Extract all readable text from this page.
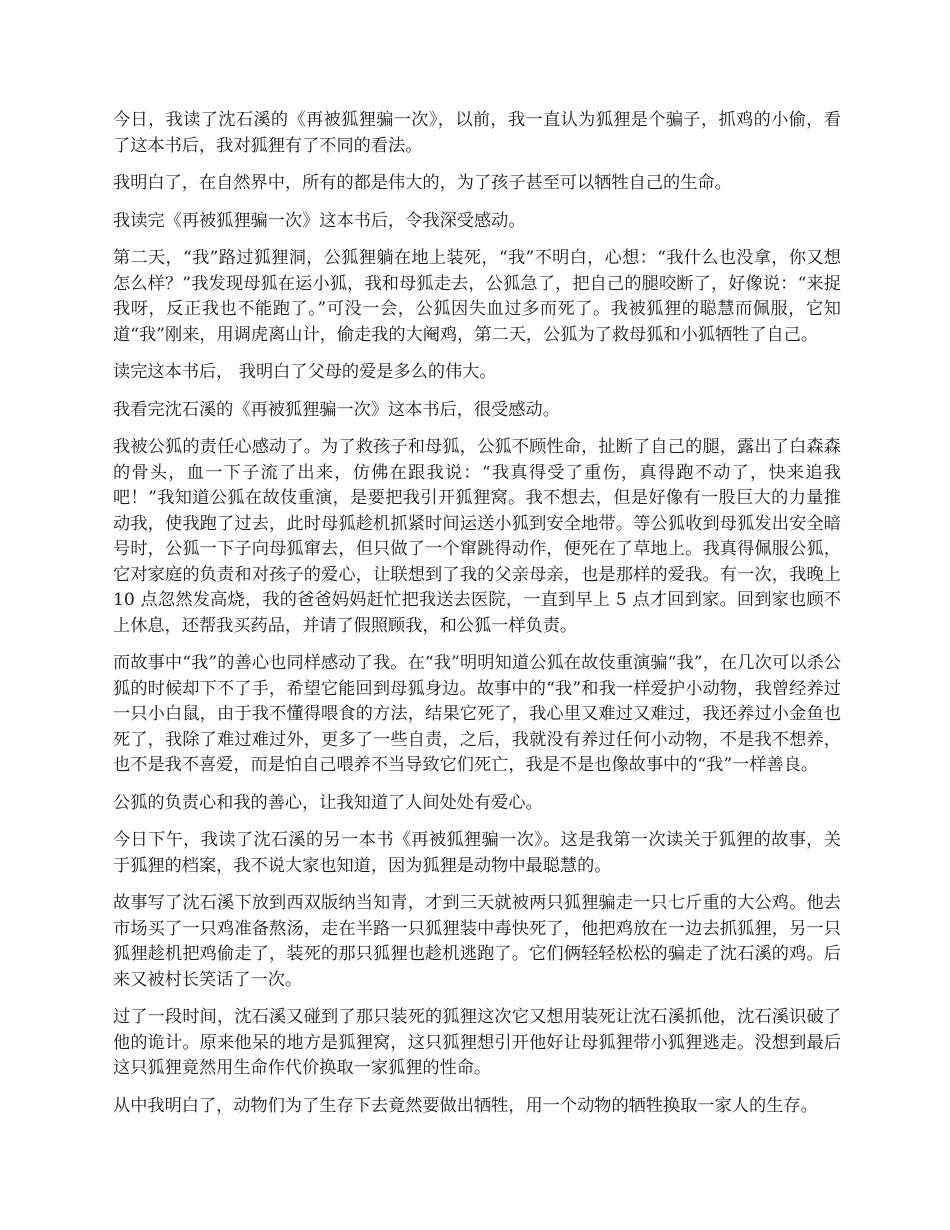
今日，我读了沈石溪的《再被狐狸骗一次》，以前，我一直认为狐狸是个骗子，抓鸡的小偷，看了这本书后，我对狐狸有了不同的看法。

我明白了，在自然界中，所有的都是伟大的，为了孩子甚至可以牺牲自己的生命。

我读完《再被狐狸骗一次》这本书后，令我深受感动。

第二天，“我”路过狐狸洞，公狐狸躺在地上装死，“我”不明白，心想：“我什么也没拿，你又想怎么样？”我发现母狐在运小狐，我和母狐走去，公狐急了，把自己的腿咬断了，好像说：“来捉我呀，反正我也不能跑了。”可没一会，公狐因失血过多而死了。我被狐狸的聪慧而佩服，它知道“我”刚来，用调虎离山计，偷走我的大阉鸡，第二天，公狐为了救母狐和小狐牺牲了自己。

读完这本书后， 我明白了父母的爱是多么的伟大。

我看完沈石溪的《再被狐狸骗一次》这本书后，很受感动。

我被公狐的责任心感动了。为了救孩子和母狐，公狐不顾性命，扯断了自己的腿，露出了白森森的骨头，血一下子流了出来，仿佛在跟我说：“我真得受了重伤，真得跑不动了，快来追我吧！”我知道公狐在故伎重演，是要把我引开狐狸窝。我不想去，但是好像有一股巨大的力量推动我，使我跑了过去，此时母狐趁机抓紧时间运送小狐到安全地带。等公狐收到母狐发出安全暗号时，公狐一下子向母狐窜去，但只做了一个窜跳得动作，便死在了草地上。我真得佩服公狐，它对家庭的负责和对孩子的爱心，让联想到了我的父亲母亲，也是那样的爱我。有一次，我晚上 10 点忽然发高烧，我的爸爸妈妈赶忙把我送去医院，一直到早上 5 点才回到家。回到家也顾不上休息，还帮我买药品，并请了假照顾我，和公狐一样负责。

而故事中“我”的善心也同样感动了我。在“我”明明知道公狐在故伎重演骗“我”，在几次可以杀公狐的时候却下不了手，希望它能回到母狐身边。故事中的“我”和我一样爱护小动物，我曾经养过一只小白鼠，由于我不懂得喂食的方法，结果它死了，我心里又难过又难过，我还养过小金鱼也死了，我除了难过难过外，更多了一些自责，之后，我就没有养过任何小动物，不是我不想养，也不是我不喜爱，而是怕自己喂养不当导致它们死亡，我是不是也像故事中的“我”一样善良。

公狐的负责心和我的善心，让我知道了人间处处有爱心。

今日下午，我读了沈石溪的另一本书《再被狐狸骗一次》。这是我第一次读关于狐狸的故事，关于狐狸的档案，我不说大家也知道，因为狐狸是动物中最聪慧的。

故事写了沈石溪下放到西双版纳当知青，才到三天就被两只狐狸骗走一只七斤重的大公鸡。他去市场买了一只鸡准备熬汤，走在半路一只狐狸装中毒快死了，他把鸡放在一边去抓狐狸，另一只狐狸趁机把鸡偷走了，装死的那只狐狸也趁机逃跑了。它们俩轻轻松松的骗走了沈石溪的鸡。后来又被村长笑话了一次。

过了一段时间，沈石溪又碰到了那只装死的狐狸这次它又想用装死让沈石溪抓他，沈石溪识破了他的诡计。原来他呆的地方是狐狸窝，这只狐狸想引开他好让母狐狸带小狐狸逃走。没想到最后这只狐狸竟然用生命作代价换取一家狐狸的性命。

从中我明白了，动物们为了生存下去竟然要做出牺牲，用一个动物的牺牲换取一家人的生存。
